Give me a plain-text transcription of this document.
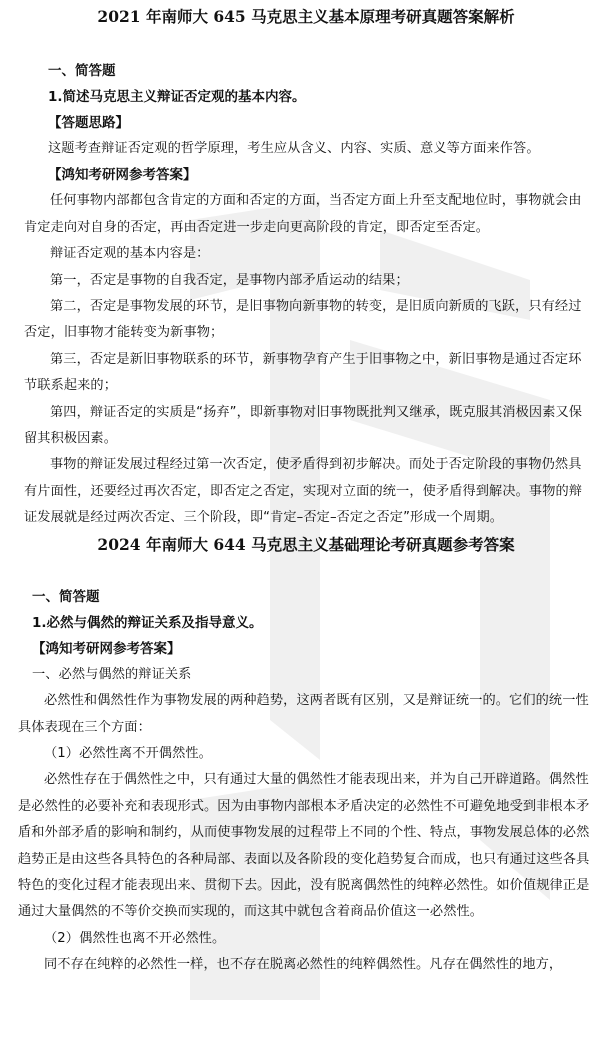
2021 年南师大 645 马克思主义基本原理考研真题答案解析

一、简答题

1.简述马克思主义辩证否定观的基本内容。

【答题思路】

这题考查辩证否定观的哲学原理，考生应从含义、内容、实质、意义等方面来作答。

【鸿知考研网参考答案】

任何事物内部都包含肯定的方面和否定的方面，当否定方面上升至支配地位时，事物就会由肯定走向对自身的否定，再由否定进一步走向更高阶段的肯定，即否定至否定。

辩证否定观的基本内容是：

第一，否定是事物的自我否定，是事物内部矛盾运动的结果；

第二，否定是事物发展的环节，是旧事物向新事物的转变，是旧质向新质的飞跃，只有经过否定，旧事物才能转变为新事物；

第三，否定是新旧事物联系的环节，新事物孕育产生于旧事物之中，新旧事物是通过否定环节联系起来的；

第四，辩证否定的实质是“扬弃”，即新事物对旧事物既批判又继承，既克服其消极因素又保留其积极因素。

事物的辩证发展过程经过第一次否定，使矛盾得到初步解决。而处于否定阶段的事物仍然具有片面性，还要经过再次否定，即否定之否定，实现对立面的统一，使矛盾得到解决。事物的辩证发展就是经过两次否定、三个阶段，即“肯定–否定–否定之否定”形成一个周期。

2024 年南师大 644 马克思主义基础理论考研真题参考答案

一、简答题

1.必然与偶然的辩证关系及指导意义。

【鸿知考研网参考答案】

一、必然与偶然的辩证关系

必然性和偶然性作为事物发展的两种趋势，这两者既有区别，又是辩证统一的。它们的统一性具体表现在三个方面：

（1）必然性离不开偶然性。

必然性存在于偶然性之中，只有通过大量的偶然性才能表现出来，并为自己开辟道路。偶然性是必然性的必要补充和表现形式。因为由事物内部根本矛盾决定的必然性不可避免地受到非根本矛盾和外部矛盾的影响和制约，从而使事物发展的过程带上不同的个性、特点，事物发展总体的必然趋势正是由这些各具特色的各种局部、表面以及各阶段的变化趋势复合而成，也只有通过这些各具特色的变化过程才能表现出来、贯彻下去。因此，没有脱离偶然性的纯粹必然性。如价值规律正是通过大量偶然的不等价交换而实现的，而这其中就包含着商品价值这一必然性。

（2）偶然性也离不开必然性。

同不存在纯粹的必然性一样，也不存在脱离必然性的纯粹偶然性。凡存在偶然性的地方，
